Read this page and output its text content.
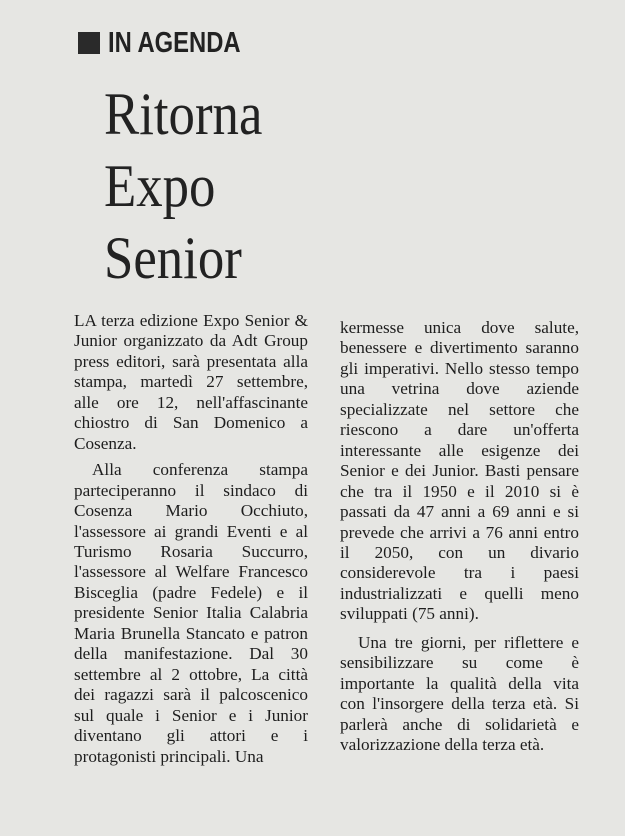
IN AGENDA
Ritorna
Expo
Senior

LA terza edizione Expo Senior & Junior organizzato da Adt Group press editori, sarà presentata alla stampa, martedì 27 settembre, alle ore 12, nell'affascinante chiostro di San Domenico a Cosenza.

Alla conferenza stampa parteciperanno il sindaco di Cosenza Mario Occhiuto, l'assessore ai grandi Eventi e al Turismo Rosaria Succurro, l'assessore al Welfare Francesco Bisceglia (padre Fedele) e il presidente Senior Italia Calabria Maria Brunella Stancato e patron della manifestazione. Dal 30 settembre al 2 ottobre, La città dei ragazzi sarà il palcoscenico sul quale i Senior e i Junior diventano gli attori e i protagonisti principali. Una

kermesse unica dove salute, benessere e divertimento saranno gli imperativi. Nello stesso tempo una vetrina dove aziende specializzate nel settore che riescono a dare un'offerta interessante alle esigenze dei Senior e dei Junior. Basti pensare che tra il 1950 e il 2010 si è passati da 47 anni a 69 anni e si prevede che arrivi a 76 anni entro il 2050, con un divario considerevole tra i paesi industrializzati e quelli meno sviluppati (75 anni).

Una tre giorni, per riflettere e sensibilizzare su come è importante la qualità della vita con l'insorgere della terza età. Si parlerà anche di solidarietà e valorizzazione della terza età.
